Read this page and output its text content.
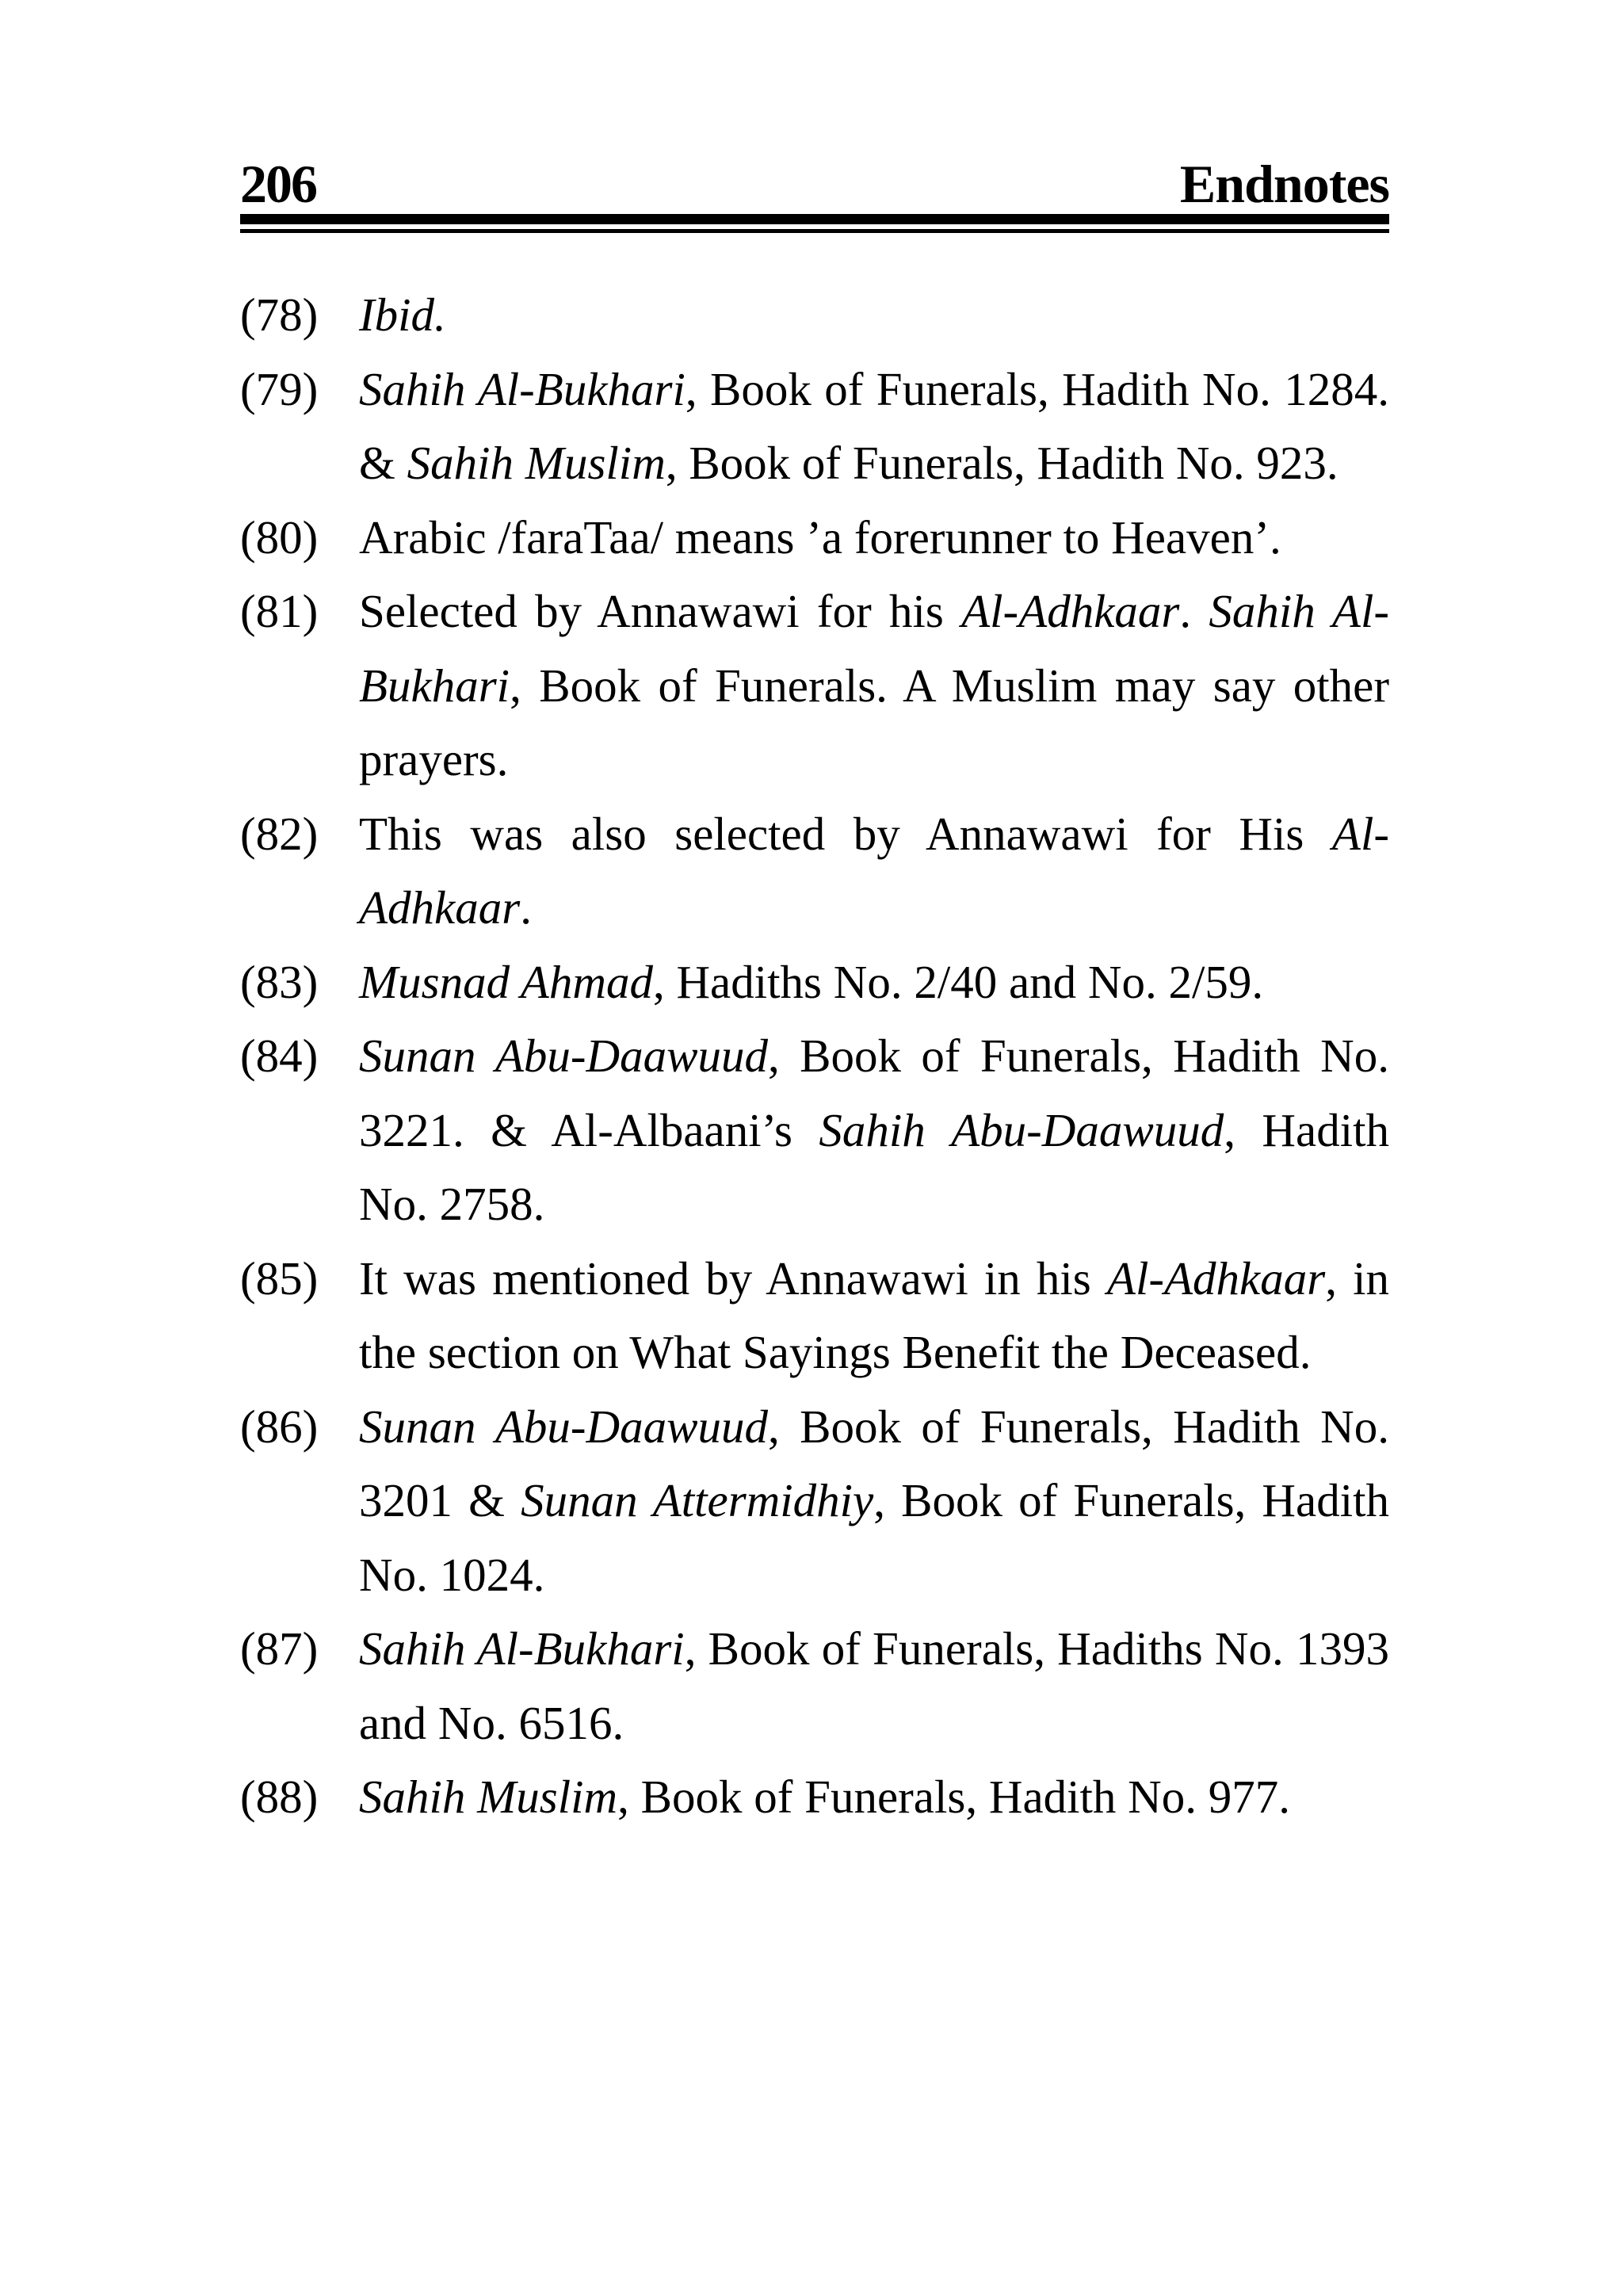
206	Endnotes
(78) Ibid.
(79) Sahih Al-Bukhari, Book of Funerals, Hadith No. 1284. & Sahih Muslim, Book of Funerals, Hadith No. 923.
(80) Arabic /faraTaa/ means ’a forerunner to Heaven’.
(81) Selected by Annawawi for his Al-Adhkaar. Sahih Al-Bukhari, Book of Funerals. A Muslim may say other prayers.
(82) This was also selected by Annawawi for His Al-Adhkaar.
(83) Musnad Ahmad, Hadiths No. 2/40 and No. 2/59.
(84) Sunan Abu-Daawuud, Book of Funerals, Hadith No. 3221. & Al-Albaani’s Sahih Abu-Daawuud, Hadith No. 2758.
(85) It was mentioned by Annawawi in his Al-Adhkaar, in the section on What Sayings Benefit the Deceased.
(86) Sunan Abu-Daawuud, Book of Funerals, Hadith No. 3201 & Sunan Attermidhiy, Book of Funerals, Hadith No. 1024.
(87) Sahih Al-Bukhari, Book of Funerals, Hadiths No. 1393 and No. 6516.
(88) Sahih Muslim, Book of Funerals, Hadith No. 977.
